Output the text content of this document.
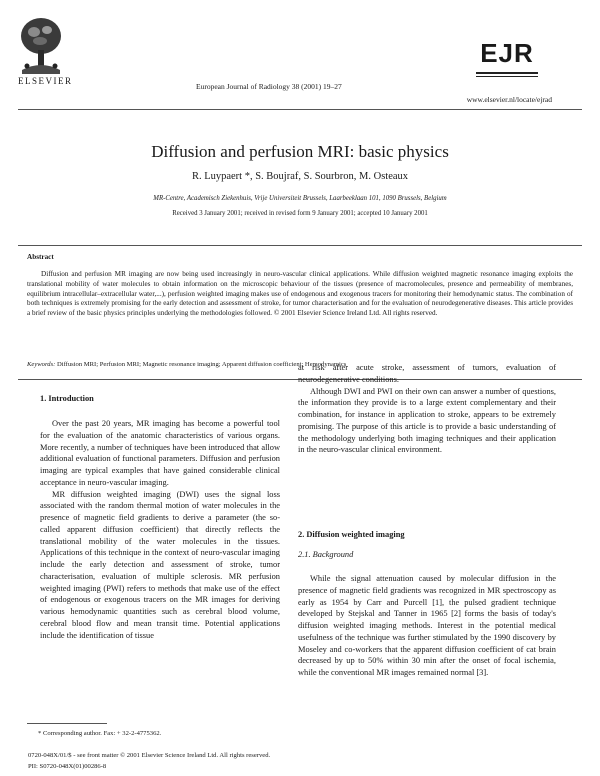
ELSEVIER
European Journal of Radiology 38 (2001) 19–27
EJR
www.elsevier.nl/locate/ejrad
Diffusion and perfusion MRI: basic physics
R. Luypaert *, S. Boujraf, S. Sourbron, M. Osteaux
MR-Centre, Academisch Ziekenhuis, Vrije Universiteit Brussels, Laarbeeklaan 101, 1090 Brussels, Belgium
Received 3 January 2001; received in revised form 9 January 2001; accepted 10 January 2001
Abstract
Diffusion and perfusion MR imaging are now being used increasingly in neuro-vascular clinical applications. While diffusion weighted magnetic resonance imaging exploits the translational mobility of water molecules to obtain information on the microscopic behaviour of the tissues (presence of macromolecules, presence and permeability of membranes, equilibrium intracellular–extracellular water,...), perfusion weighted imaging makes use of endogenous and exogenous tracers for monitoring their hemodynamic status. The combination of both techniques is extremely promising for the early detection and assessment of stroke, for tumor characterisation and for the evaluation of neurodegenerative diseases. This article provides a brief review of the basic physics principles underlying the methodologies followed. © 2001 Elsevier Science Ireland Ltd. All rights reserved.
Keywords: Diffusion MRI; Perfusion MRI; Magnetic resonance imaging; Apparent diffusion coefficient; Hemodynamics
1. Introduction

Over the past 20 years, MR imaging has become a powerful tool for the evaluation of the anatomic characteristics of various organs. More recently, a number of techniques have been introduced that allow additional evaluation of functional parameters. Diffusion and perfusion imaging are typical examples that have gained considerable clinical acceptance in neuro-vascular imaging.

MR diffusion weighted imaging (DWI) uses the signal loss associated with the random thermal motion of water molecules in the presence of magnetic field gradients to derive a parameter (the so-called apparent diffusion coefficient) that directly reflects the translational mobility of the water molecules in the tissues. Applications of this technique in the context of neuro-vascular imaging include the early detection and assessment of stroke, tumor characterisation, evaluation of multiple sclerosis. MR perfusion weighted imaging (PWI) refers to methods that make use of the effect of endogenous or exogenous tracers on the MR images for deriving various hemodynamic quantities such as cerebral blood volume, cerebral blood flow and mean transit time. Potential applications include the identification of tissue

at risk after acute stroke, assessment of tumors, evaluation of neurodegenerative conditions.

Although DWI and PWI on their own can answer a number of questions, the information they provide is to a large extent complementary and their combination, for instance in application to stroke, appears to be extremely promising. The purpose of this article is to provide a basic understanding of the methodology underlying both imaging techniques and their application in the neuro-vascular clinical environment.

2. Diffusion weighted imaging
2.1. Background

While the signal attenuation caused by molecular diffusion in the presence of magnetic field gradients was recognized in MR spectroscopy as early as 1954 by Carr and Purcell [1], the pulsed gradient technique developed by Stejskal and Tanner in 1965 [2] forms the basis of today's diffusion weighted imaging methods. Interest in the potential medical usefulness of the technique was further stimulated by the 1990 discovery by Moseley and co-workers that the apparent diffusion coefficient of cat brain decreased by up to 50% within 30 min after the onset of focal ischemia, while the conventional MR images remained normal [3].

* Corresponding author. Fax: + 32-2-4775362.
0720-048X/01/$ - see front matter © 2001 Elsevier Science Ireland Ltd. All rights reserved.
PII: S0720-048X(01)00286-8
